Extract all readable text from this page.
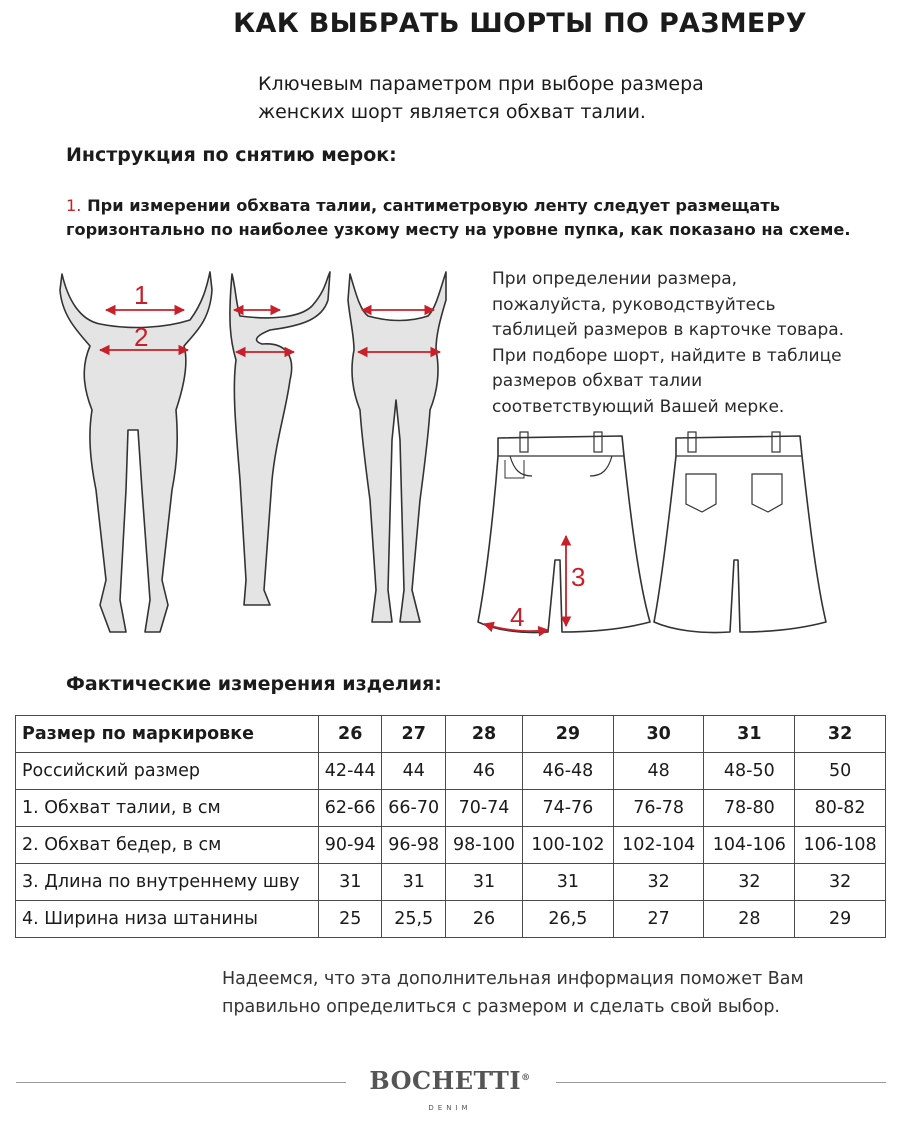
КАК ВЫБРАТЬ ШОРТЫ ПО РАЗМЕРУ
Ключевым параметром при выборе размера
женских шорт является обхват талии.
Инструкция по снятию мерок:
1. При измерении обхвата талии, сантиметровую ленту следует размещать
горизонтально по наиболее узкому месту на уровне пупка, как показано на схеме.
При определении размера,
пожалуйста, руководствуйтесь
таблицей размеров в карточке товара.
При подборе шорт, найдите в таблице
размеров обхват талии
соответствующий Вашей мерке.
1
2
3
4
Фактические измерения изделия:
Размер по маркировке	26	27	28	29	30	31	32
Российский размер	42-44	44	46	46-48	48	48-50	50
1. Обхват талии, в см	62-66	66-70	70-74	74-76	76-78	78-80	80-82
2. Обхват бедер, в см	90-94	96-98	98-100	100-102	102-104	104-106	106-108
3. Длина по внутреннему шву	31	31	31	31	32	32	32
4. Ширина низа штанины	25	25,5	26	26,5	27	28	29
Надеемся, что эта дополнительная информация поможет Вам
правильно определиться с размером и сделать свой выбор.
BOCHETTI®
DENIM
